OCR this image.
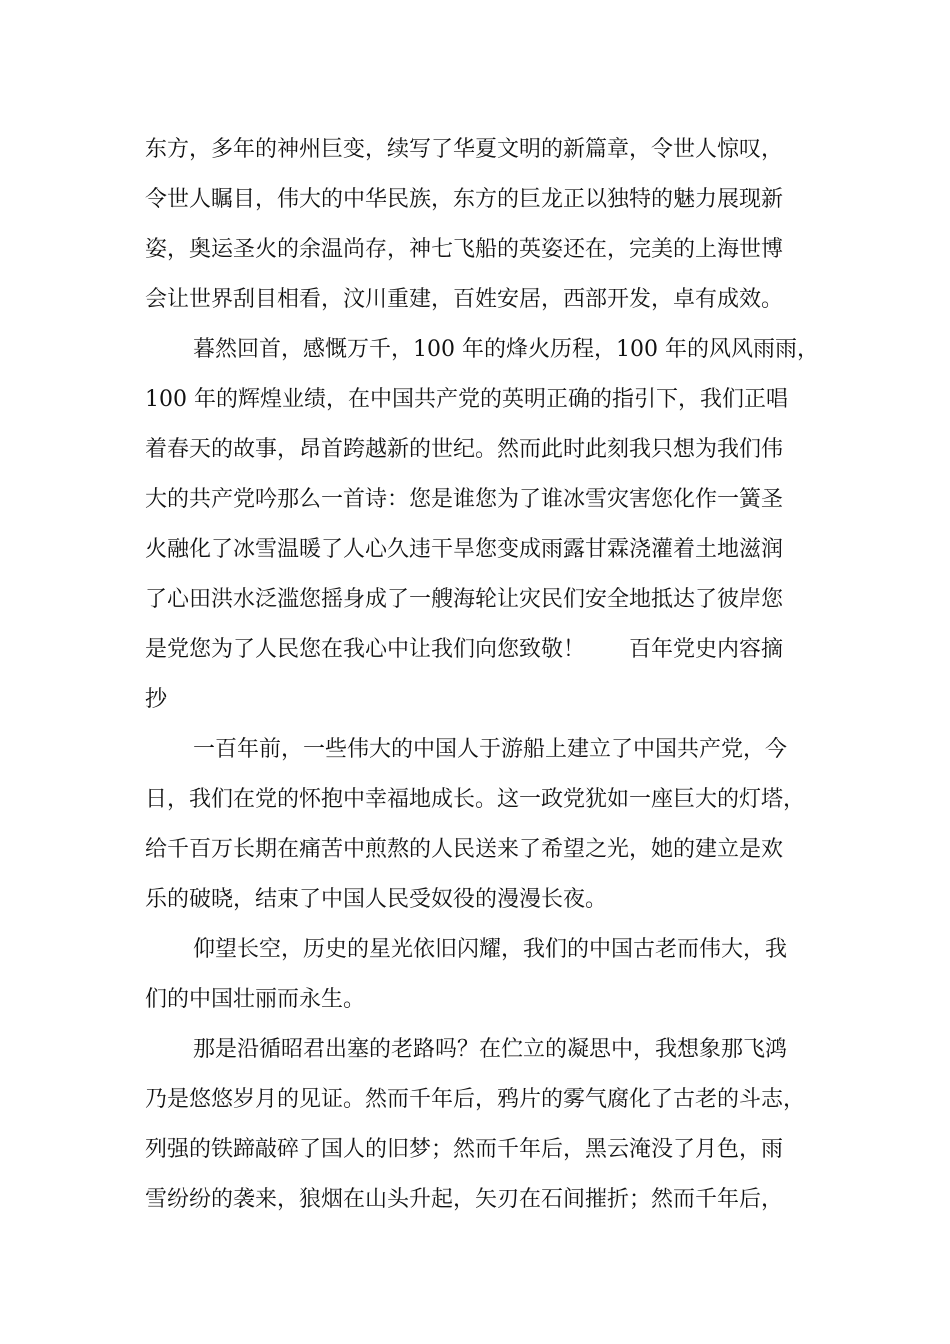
东方，多年的神州巨变，续写了华夏文明的新篇章，令世人惊叹，

令世人瞩目，伟大的中华民族，东方的巨龙正以独特的魅力展现新

姿，奥运圣火的余温尚存，神七飞船的英姿还在，完美的上海世博

会让世界刮目相看，汶川重建，百姓安居，西部开发，卓有成效。

暮然回首，感慨万千，100 年的烽火历程，100 年的风风雨雨，

100 年的辉煌业绩，在中国共产党的英明正确的指引下，我们正唱

着春天的故事，昂首跨越新的世纪。然而此时此刻我只想为我们伟

大的共产党吟那么一首诗：您是谁您为了谁冰雪灾害您化作一簧圣

火融化了冰雪温暖了人心久违干旱您变成雨露甘霖浇灌着土地滋润

了心田洪水泛滥您摇身成了一艘海轮让灾民们安全地抵达了彼岸您

是党您为了人民您在我心中让我们向您致敬！　　百年党史内容摘

抄

一百年前，一些伟大的中国人于游船上建立了中国共产党，今

日，我们在党的怀抱中幸福地成长。这一政党犹如一座巨大的灯塔，

给千百万长期在痛苦中煎熬的人民送来了希望之光，她的建立是欢

乐的破晓，结束了中国人民受奴役的漫漫长夜。

仰望长空，历史的星光依旧闪耀，我们的中国古老而伟大，我

们的中国壮丽而永生。

那是沿循昭君出塞的老路吗？在伫立的凝思中，我想象那飞鸿

乃是悠悠岁月的见证。然而千年后，鸦片的雾气腐化了古老的斗志，

列强的铁蹄敲碎了国人的旧梦；然而千年后，黑云淹没了月色，雨

雪纷纷的袭来，狼烟在山头升起，矢刃在石间摧折；然而千年后，
